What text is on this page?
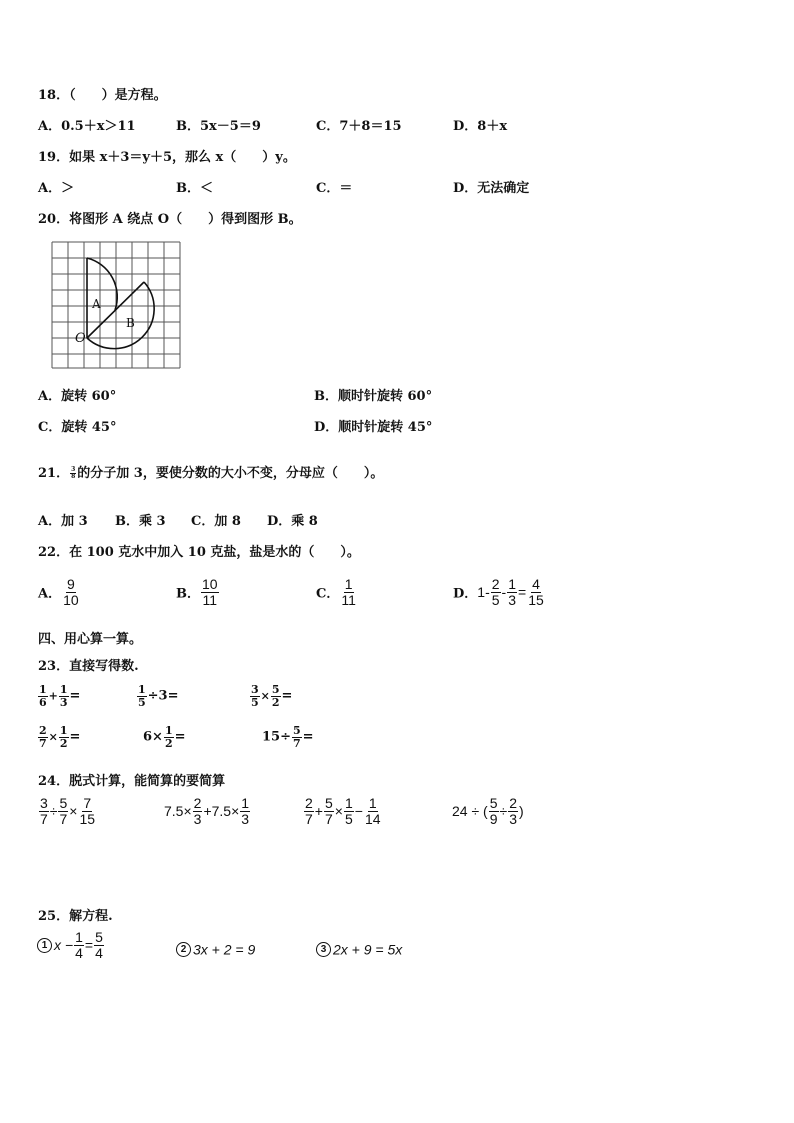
18．（　　）是方程。
A．0.5＋x＞11	B．5x－5＝9	C．7＋8＝15	D．8＋x
19．如果 x＋3＝y＋5，那么 x（　　）y。
A．＞	B．＜	C．＝	D．无法确定
20．将图形 A 绕点 O（　　）得到图形 B。
A
B
O
A．旋转 60°	B．顺时针旋转 60°
C．旋转 45°	D．顺时针旋转 45°
21． $\frac{3}{8}$ 的分子加 3，要使分数的大小不变，分母应（　　）。
A．加 3 B．乘 3 C．加 8 D．乘 8
22．在 100 克水中加入 10 克盐，盐是水的（　　）。
A． $\frac{9}{10}$	B． $\frac{10}{11}$	C． $\frac{1}{11}$	D．$1- \frac{2}{5} - \frac{1}{3} = \frac{4}{15}$
四、用心算一算。
23．直接写得数.
$\frac{1}{6} + \frac{1}{3}$ =	$\frac{1}{5} \div 3=$	$\frac{3}{5} \times \frac{5}{2}$ =
$\frac{2}{7} \times \frac{1}{2}$ =	$6\times \frac{1}{2}$ =	$15\div \frac{5}{7}$ =
24．脱式计算，能简算的要简算
$\frac{3}{7} \div \frac{5}{7} \times \frac{7}{15}$	$7.5\times \frac{2}{3} +7.5\times \frac{1}{3}$	$\frac{2}{7} + \frac{5}{7} \times \frac{1}{5} - \frac{1}{14}$	24 ÷ ( $\frac{5}{9} \div \frac{2}{3}$ )
25．解方程.
1 $x - \frac{1}{4} = \frac{5}{4}$	2 3x + 2 = 9	3 2x + 9 = 5x
